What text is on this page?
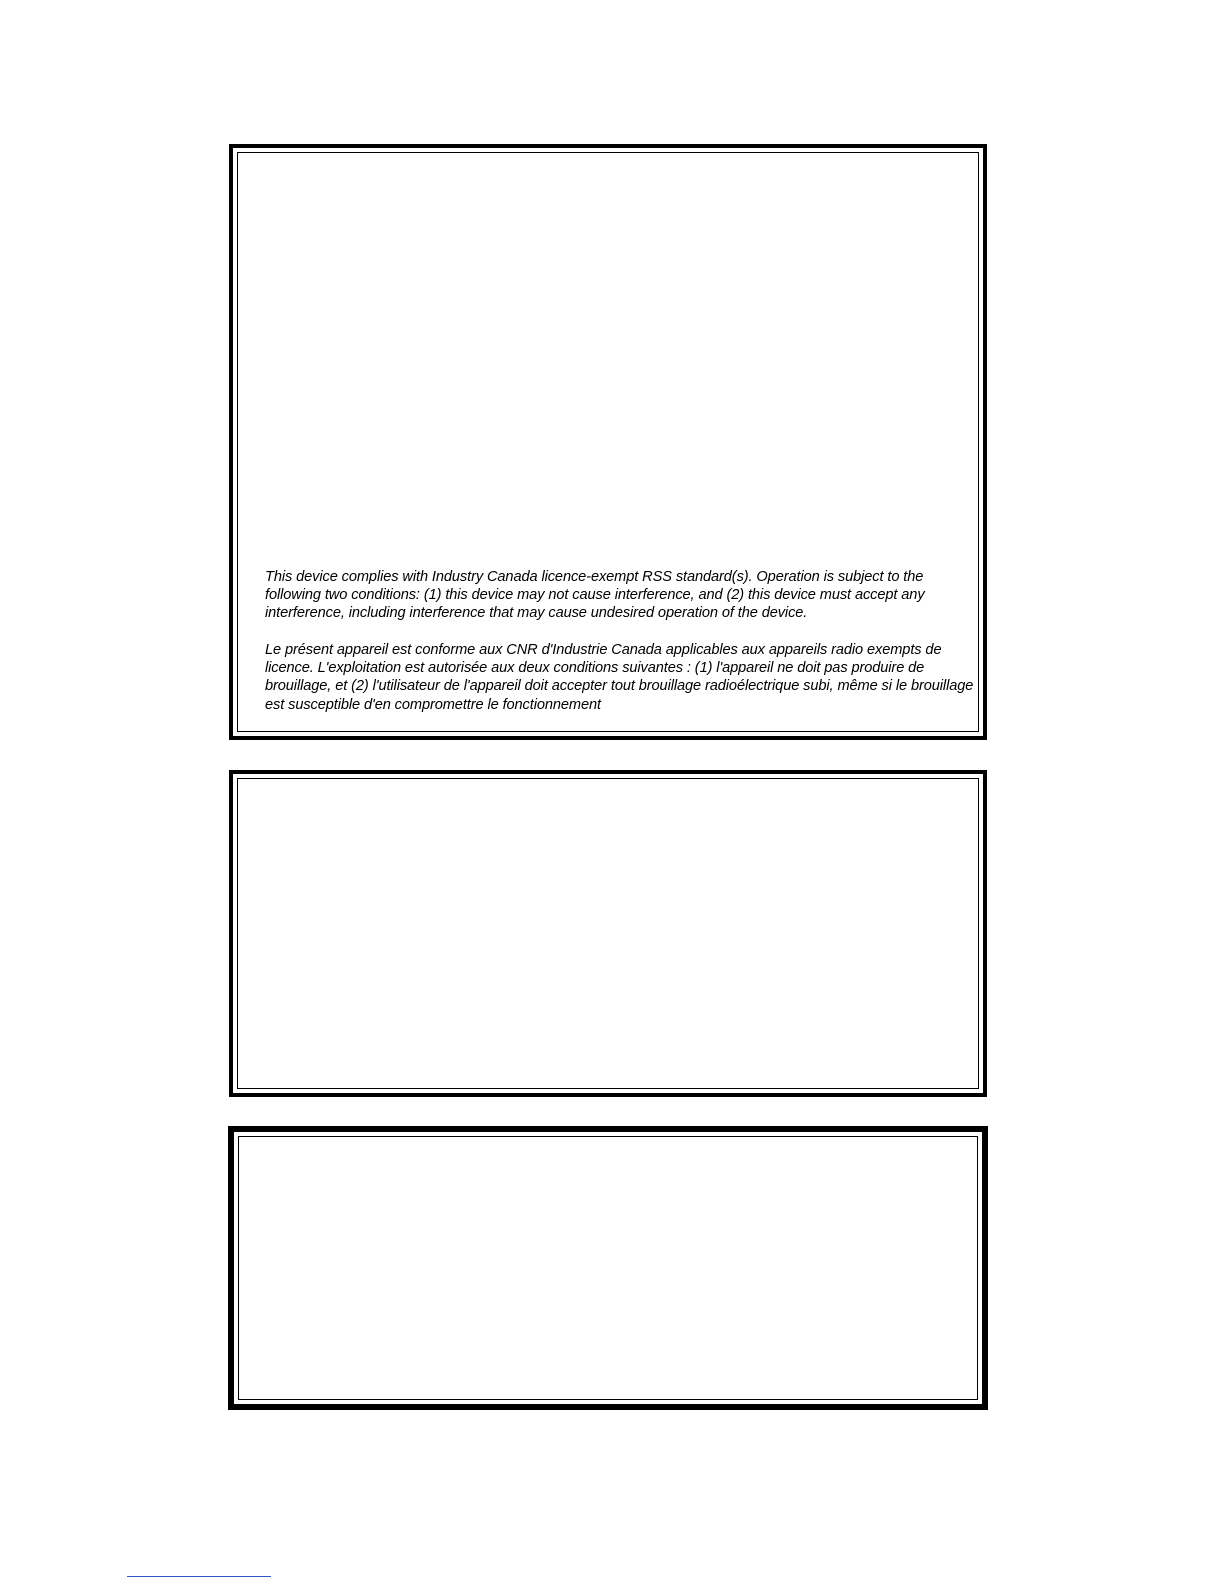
This device complies with Industry Canada licence-exempt RSS standard(s). Operation is subject to the following two conditions: (1) this device may not cause interference, and (2) this device must accept any interference, including interference that may cause undesired operation of the device.

Le présent appareil est conforme aux CNR d'Industrie Canada applicables aux appareils radio exempts de licence. L'exploitation est autorisée aux deux conditions suivantes : (1) l'appareil ne doit pas produire de brouillage, et (2) l'utilisateur de l'appareil doit accepter tout brouillage radioélectrique subi, même si le brouillage est susceptible d'en compromettre le fonctionnement
